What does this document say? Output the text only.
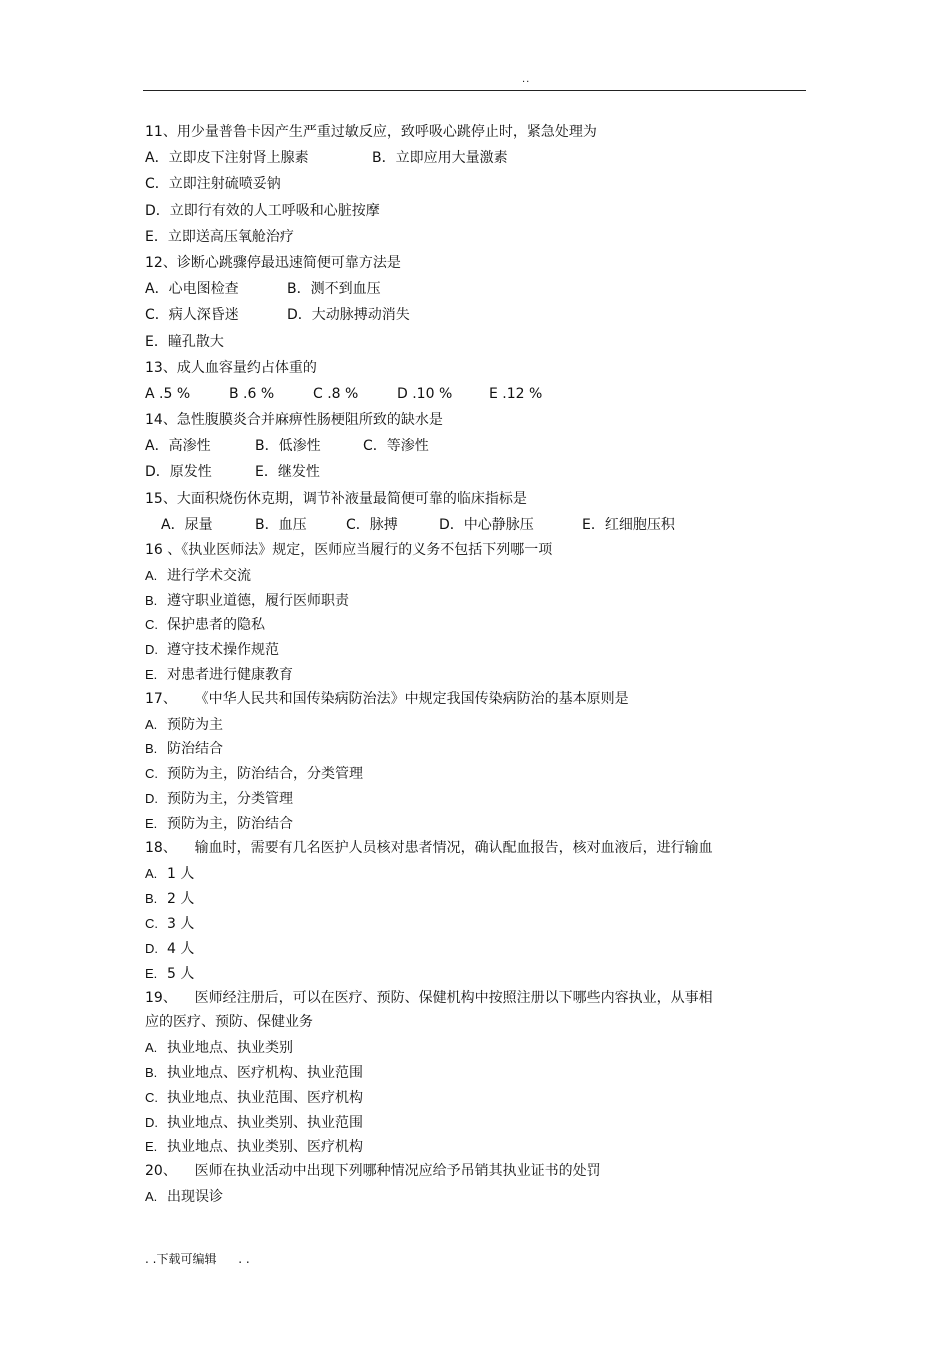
..
11、用少量普鲁卡因产生严重过敏反应，致呼吸心跳停止时，紧急处理为
A．立即皮下注射肾上腺素	B．立即应用大量激素
C．立即注射硫喷妥钠
D．立即行有效的人工呼吸和心脏按摩
E．立即送高压氧舱治疗
12、诊断心跳骤停最迅速简便可靠方法是
A．心电图检查	B．测不到血压
C．病人深昏迷	D．大动脉搏动消失
E．瞳孔散大
13、成人血容量约占体重的
A .5 %	B .6 %	C .8 %	D .10 %	E .12 %
14、急性腹膜炎合并麻痹性肠梗阻所致的缺水是
A．高渗性	B．低渗性	C．等渗性
D．原发性	E．继发性
15、大面积烧伤休克期，调节补液量最简便可靠的临床指标是
A．尿量	B．血压	C．脉搏	D．中心静脉压	E．红细胞压积
16 、《执业医师法》规定，医师应当履行的义务不包括下列哪一项
A. 进行学术交流
B. 遵守职业道德，履行医师职责
C. 保护患者的隐私
D. 遵守技术操作规范
E. 对患者进行健康教育
17、    《中华人民共和国传染病防治法》中规定我国传染病防治的基本原则是
A. 预防为主
B. 防治结合
C. 预防为主，防治结合，分类管理
D. 预防为主，分类管理
E. 预防为主，防治结合
18、    输血时，需要有几名医护人员核对患者情况，确认配血报告，核对血液后，进行输血
A. 1 人
B. 2 人
C. 3 人
D. 4 人
E. 5 人
19、    医师经注册后，可以在医疗、预防、保健机构中按照注册以下哪些内容执业，从事相
应的医疗、预防、保健业务
A. 执业地点、执业类别
B. 执业地点、医疗机构、执业范围
C. 执业地点、执业范围、医疗机构
D. 执业地点、执业类别、执业范围
E. 执业地点、执业类别、医疗机构
20、    医师在执业活动中出现下列哪种情况应给予吊销其执业证书的处罚
A. 出现误诊
. .下载可编辑 . .
